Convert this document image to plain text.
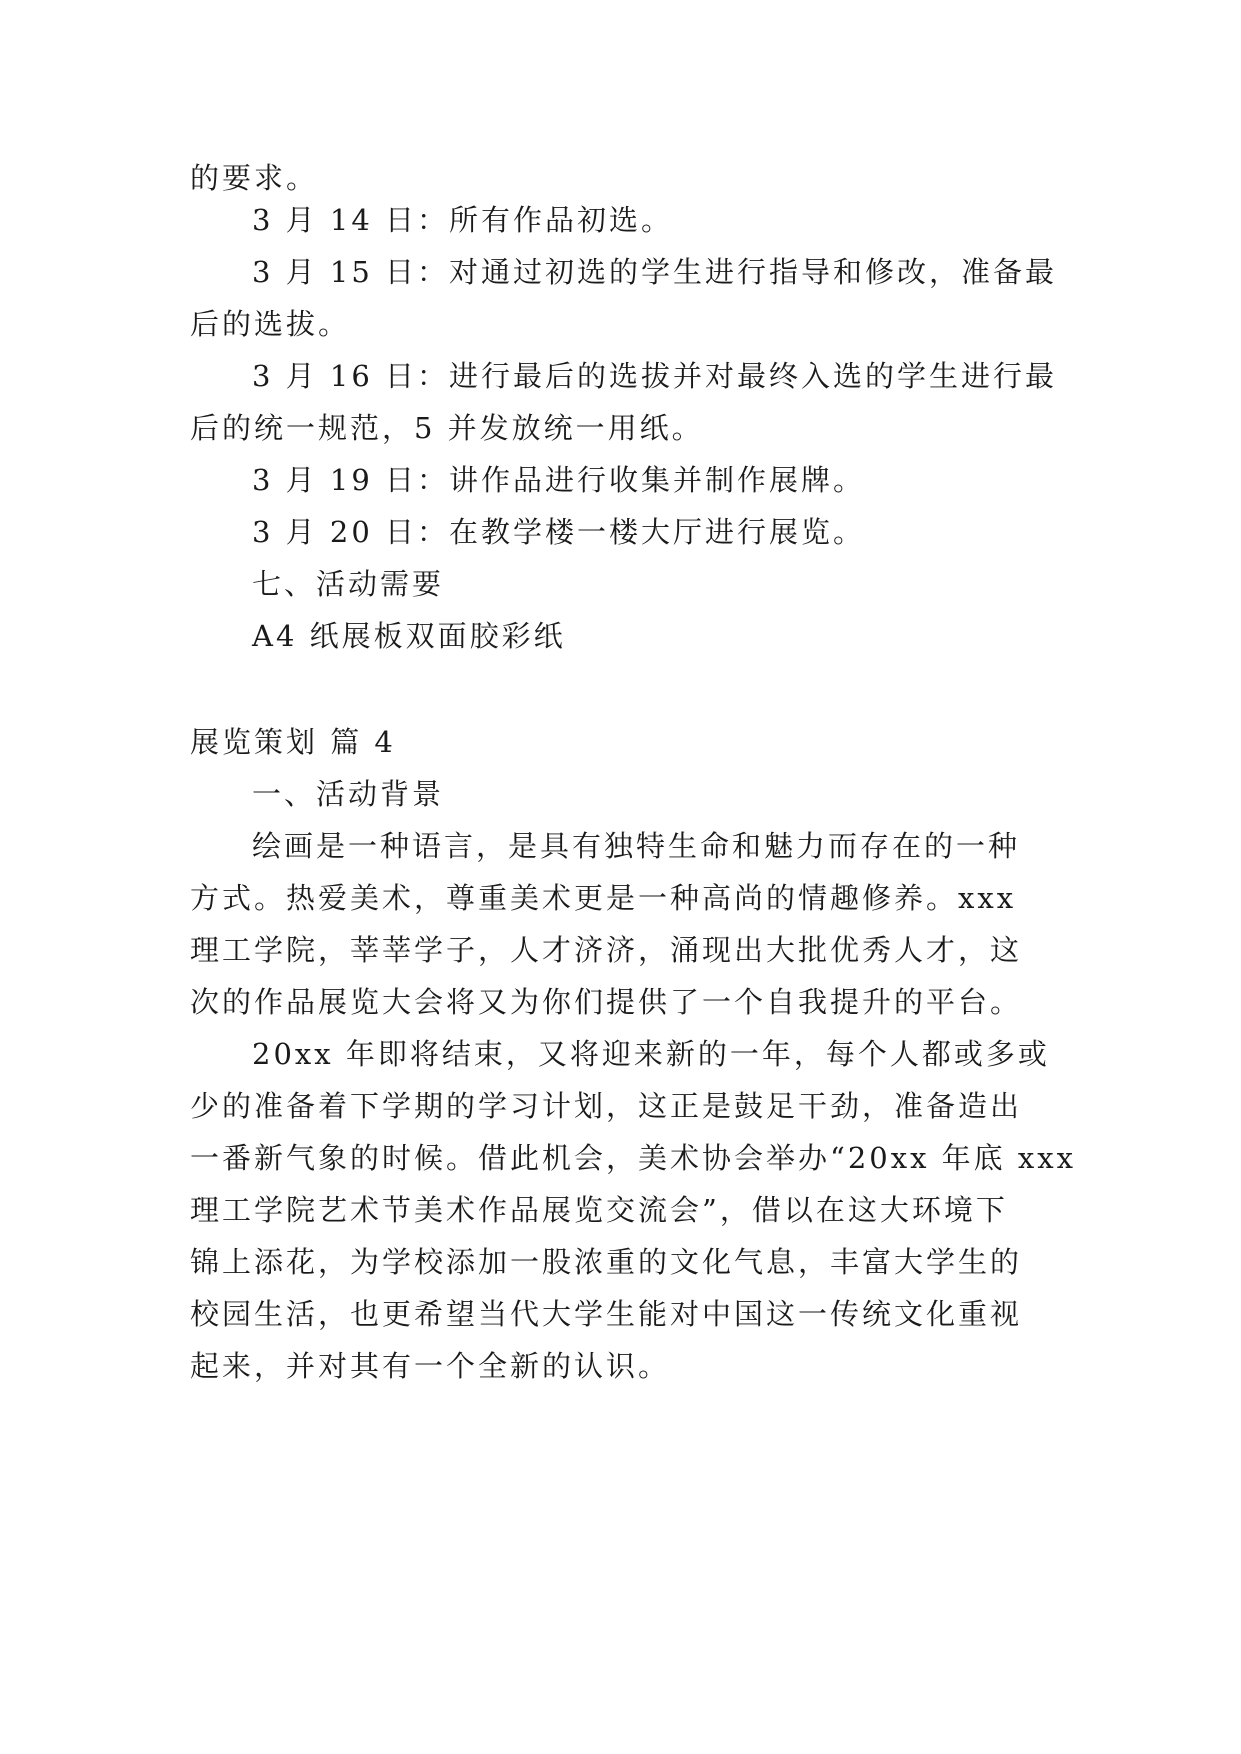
的要求。
3 月 14 日：所有作品初选。
3 月 15 日：对通过初选的学生进行指导和修改，准备最
后的选拔。
3 月 16 日：进行最后的选拔并对最终入选的学生进行最
后的统一规范，5 并发放统一用纸。
3 月 19 日：讲作品进行收集并制作展牌。
3 月 20 日：在教学楼一楼大厅进行展览。
七、活动需要
A4 纸展板双面胶彩纸
展览策划 篇 4
一、活动背景
绘画是一种语言，是具有独特生命和魅力而存在的一种
方式。热爱美术，尊重美术更是一种高尚的情趣修养。xxx
理工学院，莘莘学子，人才济济，涌现出大批优秀人才，这
次的作品展览大会将又为你们提供了一个自我提升的平台。
20xx 年即将结束，又将迎来新的一年，每个人都或多或
少的准备着下学期的学习计划，这正是鼓足干劲，准备造出
一番新气象的时候。借此机会，美术协会举办“20xx 年底 xxx
理工学院艺术节美术作品展览交流会”，借以在这大环境下
锦上添花，为学校添加一股浓重的文化气息，丰富大学生的
校园生活，也更希望当代大学生能对中国这一传统文化重视
起来，并对其有一个全新的认识。
